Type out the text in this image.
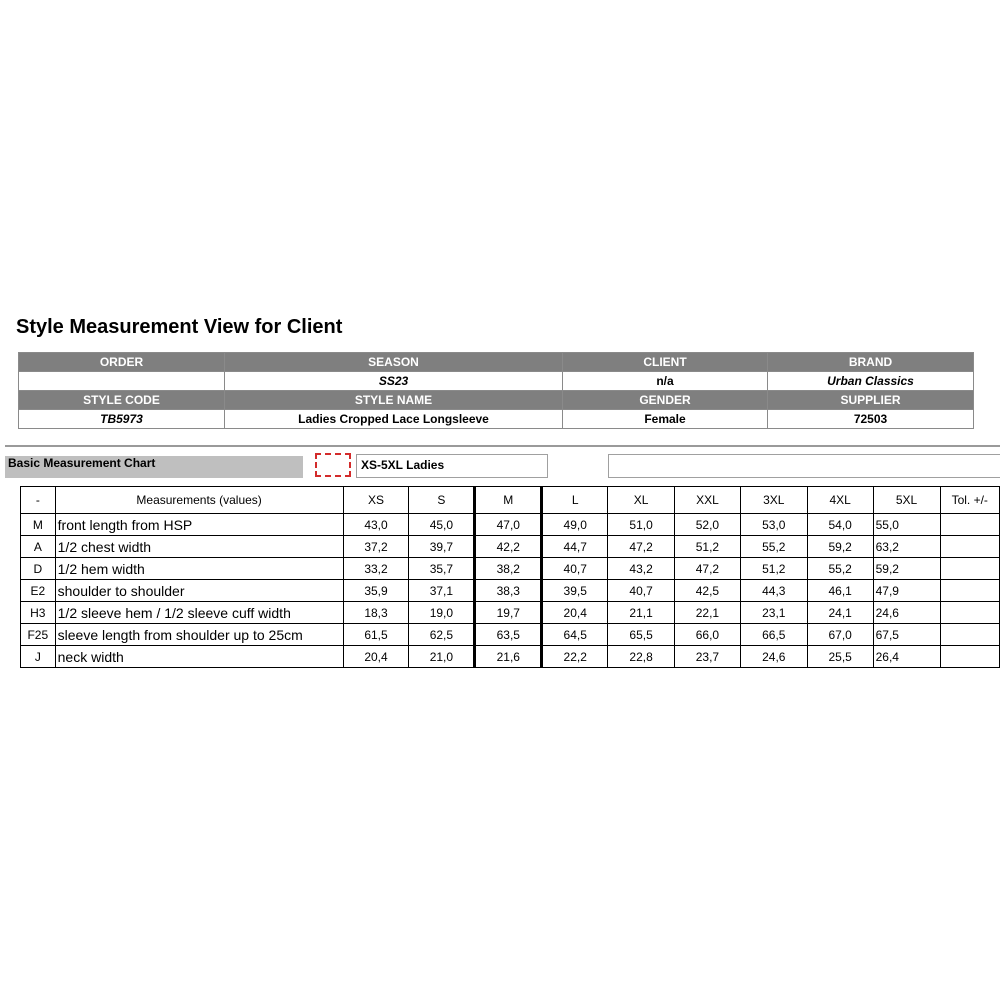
Style Measurement View for Client
ORDER	SEASON	CLIENT	BRAND
	SS23	n/a	Urban Classics
STYLE CODE	STYLE NAME	GENDER	SUPPLIER
TB5973	Ladies Cropped Lace Longsleeve	Female	72503
Basic Measurement Chart	XS-5XL Ladies
-	Measurements (values)	XS	S	M	L	XL	XXL	3XL	4XL	5XL	Tol. +/-
M	front length from HSP	43,0	45,0	47,0	49,0	51,0	52,0	53,0	54,0	55,0	
A	1/2 chest width	37,2	39,7	42,2	44,7	47,2	51,2	55,2	59,2	63,2	
D	1/2 hem width	33,2	35,7	38,2	40,7	43,2	47,2	51,2	55,2	59,2	
E2	shoulder to shoulder	35,9	37,1	38,3	39,5	40,7	42,5	44,3	46,1	47,9	
H3	1/2 sleeve hem / 1/2 sleeve cuff width	18,3	19,0	19,7	20,4	21,1	22,1	23,1	24,1	24,6	
F25	sleeve length from shoulder up to 25cm	61,5	62,5	63,5	64,5	65,5	66,0	66,5	67,0	67,5	
J	neck width	20,4	21,0	21,6	22,2	22,8	23,7	24,6	25,5	26,4	
